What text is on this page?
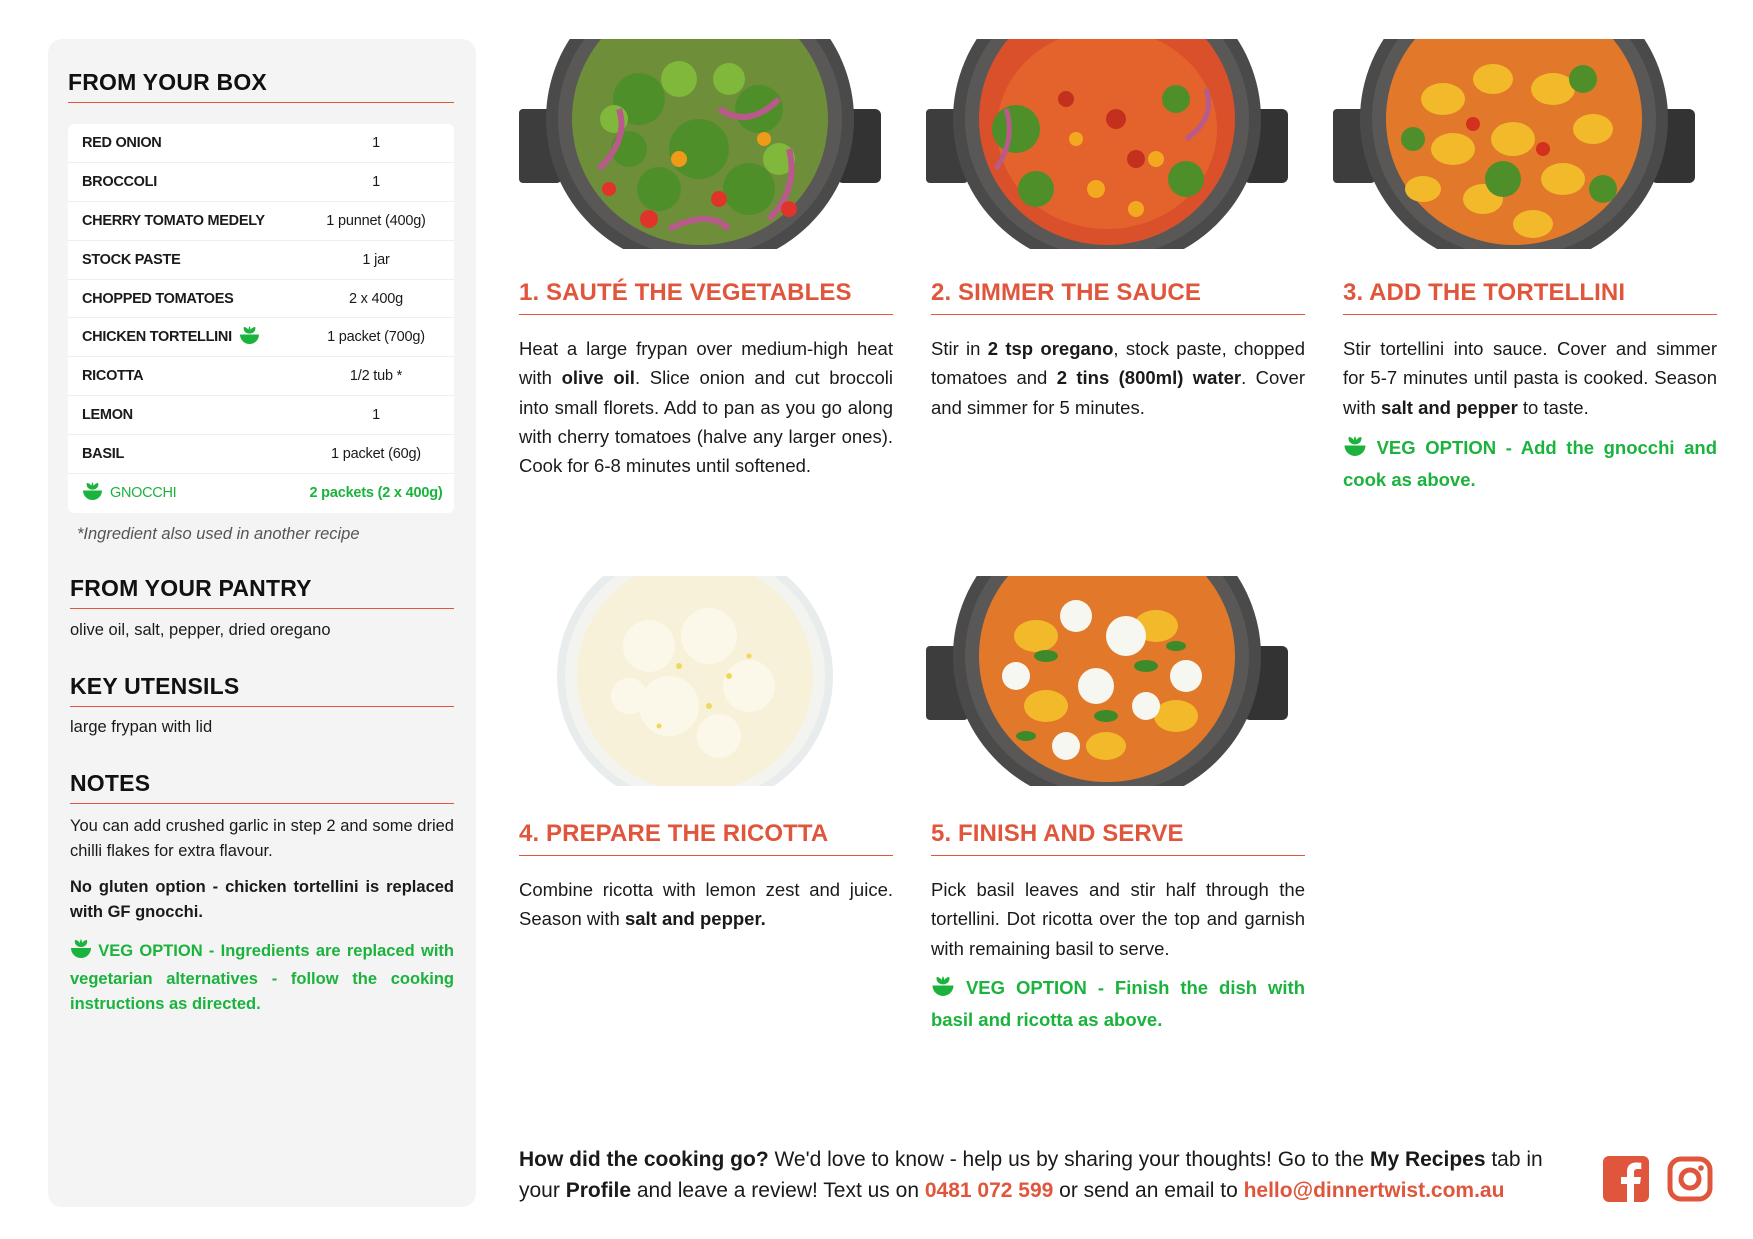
FROM YOUR BOX
RED ONION	1
BROCCOLI	1
CHERRY TOMATO MEDELY	1 punnet (400g)
STOCK PASTE	1 jar
CHOPPED TOMATOES	2 x 400g
CHICKEN TORTELLINI	1 packet (700g)
RICOTTA	1/2 tub *
LEMON	1
BASIL	1 packet (60g)
GNOCCHI	2 packets (2 x 400g)
*Ingredient also used in another recipe
FROM YOUR PANTRY
olive oil, salt, pepper, dried oregano
KEY UTENSILS
large frypan with lid
NOTES
You can add crushed garlic in step 2 and some dried chilli flakes for extra flavour.
No gluten option - chicken tortellini is replaced with GF gnocchi.
VEG OPTION - Ingredients are replaced with vegetarian alternatives - follow the cooking instructions as directed.
1. SAUTÉ THE VEGETABLES
Heat a large frypan over medium-high heat with olive oil. Slice onion and cut broccoli into small florets. Add to pan as you go along with cherry tomatoes (halve any larger ones). Cook for 6-8 minutes until softened.
2. SIMMER THE SAUCE
Stir in 2 tsp oregano, stock paste, chopped tomatoes and 2 tins (800ml) water. Cover and simmer for 5 minutes.
3. ADD THE TORTELLINI
Stir tortellini into sauce. Cover and simmer for 5-7 minutes until pasta is cooked. Season with salt and pepper to taste.
VEG OPTION - Add the gnocchi and cook as above.
4. PREPARE THE RICOTTA
Combine ricotta with lemon zest and juice. Season with salt and pepper.
5. FINISH AND SERVE
Pick basil leaves and stir half through the tortellini. Dot ricotta over the top and garnish with remaining basil to serve.
VEG OPTION - Finish the dish with basil and ricotta as above.
How did the cooking go? We'd love to know - help us by sharing your thoughts! Go to the My Recipes tab in your Profile and leave a review! Text us on 0481 072 599 or send an email to hello@dinnertwist.com.au
